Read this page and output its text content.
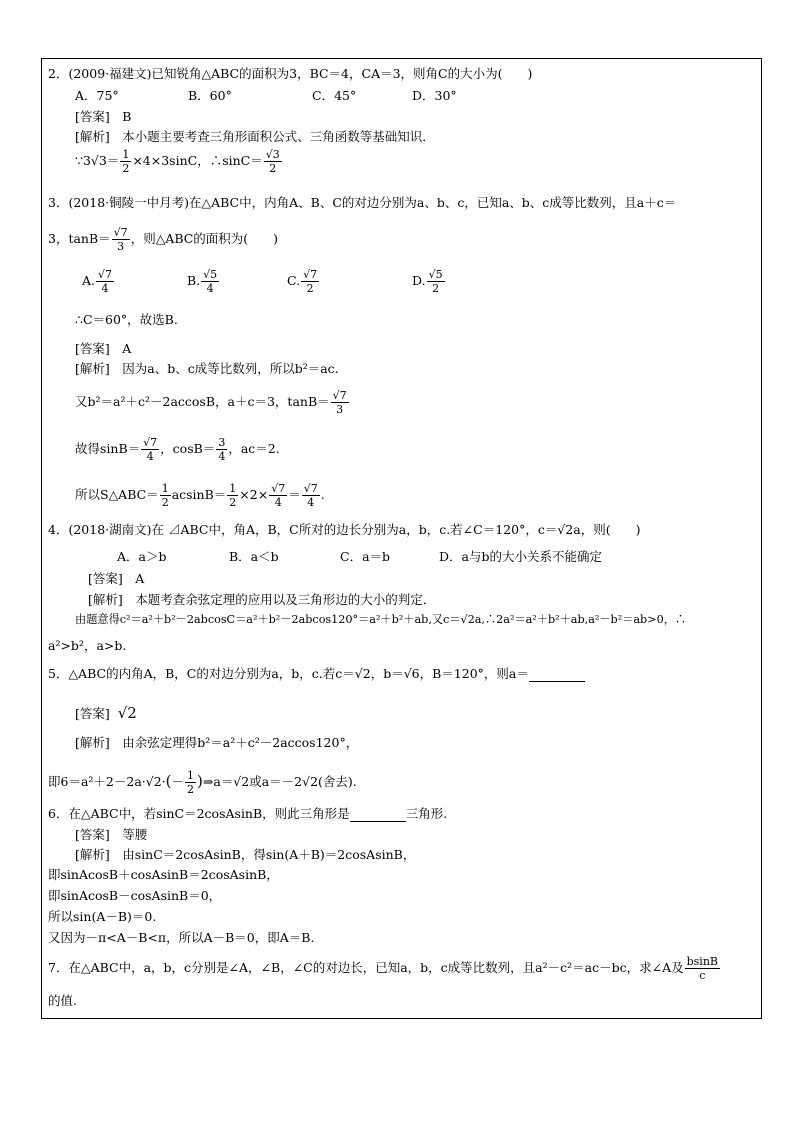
2．(2009·福建文)已知锐角△ABC的面积为3，BC＝4，CA＝3，则角C的大小为(　　)
A．75°	B．60°	C．45°	D．30°
[答案]　B
[解析]　本小题主要考查三角形面积公式、三角函数等基础知识．
∵3√3＝ $\frac{1}{2} \times 4\times 3\sin C$，∴sinC＝ $\frac{√3}{2}$
3．(2018·铜陵一中月考)在△ABC中，内角A、B、C的对边分别为a、b、c，已知a、b、c成等比数列，且a＋c＝
3，$\tan B= \frac{√7}{3}$ ，则△ABC的面积为(　　)
A. $\frac{√7}{4}$	B. $\frac{√5}{4}$	C. $\frac{√7}{2}$	D. $\frac{√5}{2}$
∴C＝60°，故选B.
[答案]　A
[解析]　因为a、b、c成等比数列，所以b²＝ac.
又b²＝a²＋c²－2accosB，a＋c＝3，$\tan B= \frac{√7}{3}$
故得$\sin B= \frac{√7}{4}$ ，$\cos B= \frac{3}{4}$ ，ac＝2.
所以S△ABC＝ $\frac{1}{2} acsinB= \frac{1}{2} \times 2\times \frac{√7}{4} = \frac{√7}{4}$ .
4．(2018·湖南文)在 ⊿ABC中，角A，B，C所对的边长分别为a，b，c.若∠C＝120°，c＝√2a，则(　　)
A．a＞b	B．a＜b	C．a＝b	D．a与b的大小关系不能确定
[答案]　A
[解析]　本题考查余弦定理的应用以及三角形边的大小的判定．
由题意得c²＝a²＋b²－2abcosC＝a²＋b²－2abcos120°＝a²＋b²＋ab,又c＝√2a,∴2a²＝a²＋b²＋ab,a²－b²＝ab>0，∴
a²>b²，a>b.
5．△ABC的内角A，B，C的对边分别为a，b，c.若c＝√2，b＝√6，B＝120°，则a＝
[答案] √2
[解析]　由余弦定理得b²＝a²＋c²－2accos120°，
即$6=a^2+2-2a\cdot√2\cdot(- \frac{1}{2}$ )⇒a＝√2或a＝－2√2(舍去).
6．在△ABC中，若sinC＝2cosAsinB，则此三角形是	三角形.
[答案]　等腰
[解析]　由sinC＝2cosAsinB，得sin(A＋B)＝2cosAsinB，
即sinAcosB＋cosAsinB＝2cosAsinB，
即sinAcosB－cosAsinB＝0，
所以sin(A－B)＝0.
又因为－π<A－B<π，所以A－B＝0，即A＝B.
7．在△ABC中，a，b，c分别是∠A，∠B，∠C的对边长，已知a，b，c成等比数列，且a²－c²＝ac－bc，求∠A及 $\frac{bsinB}{c}$
的值.
